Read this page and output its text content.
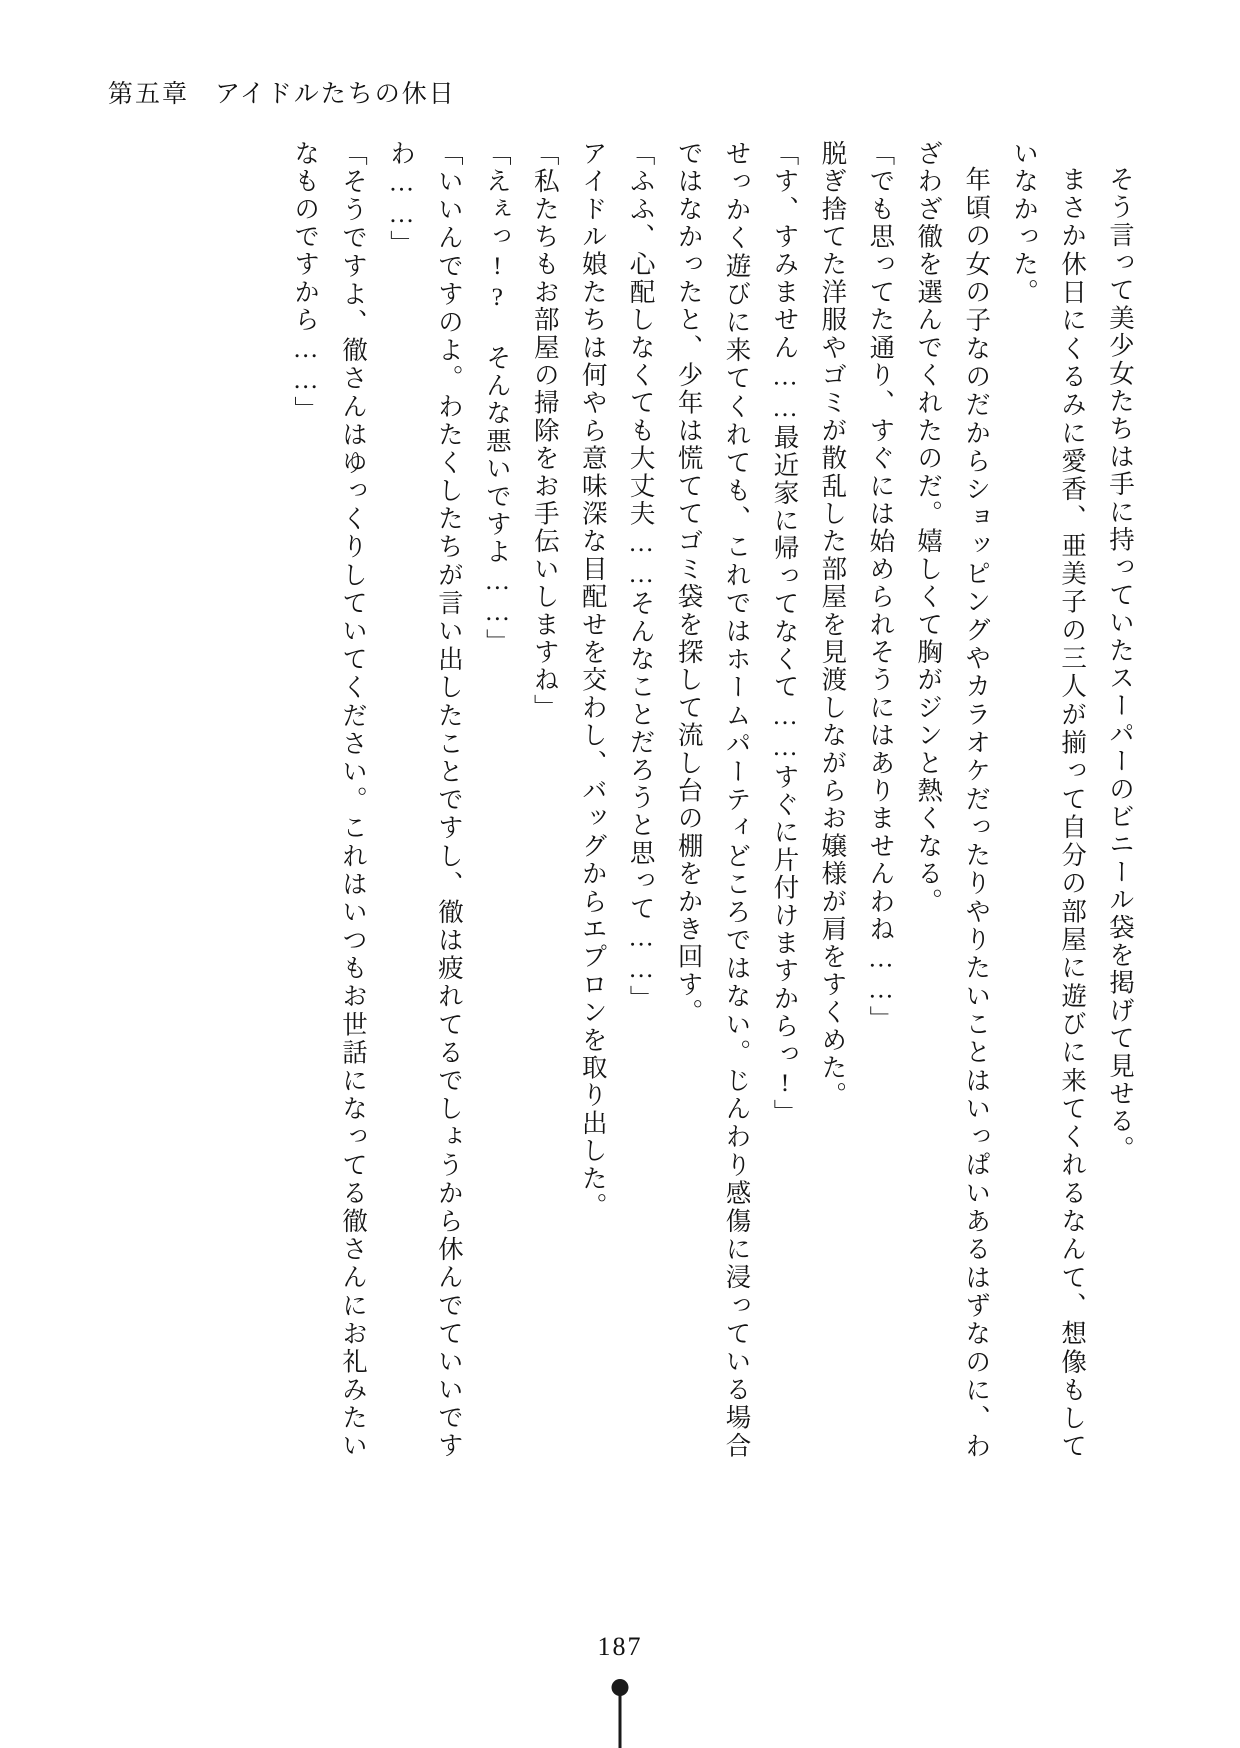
第五章 アイドルたちの休日

そう言って美少女たちは手に持っていたスーパーのビニール袋を掲げて見せる。

まさか休日にくるみに愛香、亜美子の三人が揃って自分の部屋に遊びに来てくれるなんて、想像もしていなかった。

年頃の女の子なのだからショッピングやカラオケだったりやりたいことはいっぱいあるはずなのに、わざわざ徹を選んでくれたのだ。嬉しくて胸がジンと熱くなる。

「でも思ってた通り、すぐには始められそうにはありませんわね……」

脱ぎ捨てた洋服やゴミが散乱した部屋を見渡しながらお嬢様が肩をすくめた。

「す、すみません……最近家に帰ってなくて……すぐに片付けますからっ!」

せっかく遊びに来てくれても、これではホームパーティどころではない。じんわり感傷に浸っている場合ではなかったと、少年は慌ててゴミ袋を探して流し台の棚をかき回す。

「ふふ、心配しなくても大丈夫……そんなことだろうと思って……」

アイドル娘たちは何やら意味深な目配せを交わし、バッグからエプロンを取り出した。

「私たちもお部屋の掃除をお手伝いしますね」

「えぇっ!? そんな悪いですよ……」

「いいんですのよ。わたくしたちが言い出したことですし、徹は疲れてるでしょうから休んでていいですわ……」

「そうですよ、徹さんはゆっくりしていてください。これはいつもお世話になってる徹さんにお礼みたいなものですから……」

187
